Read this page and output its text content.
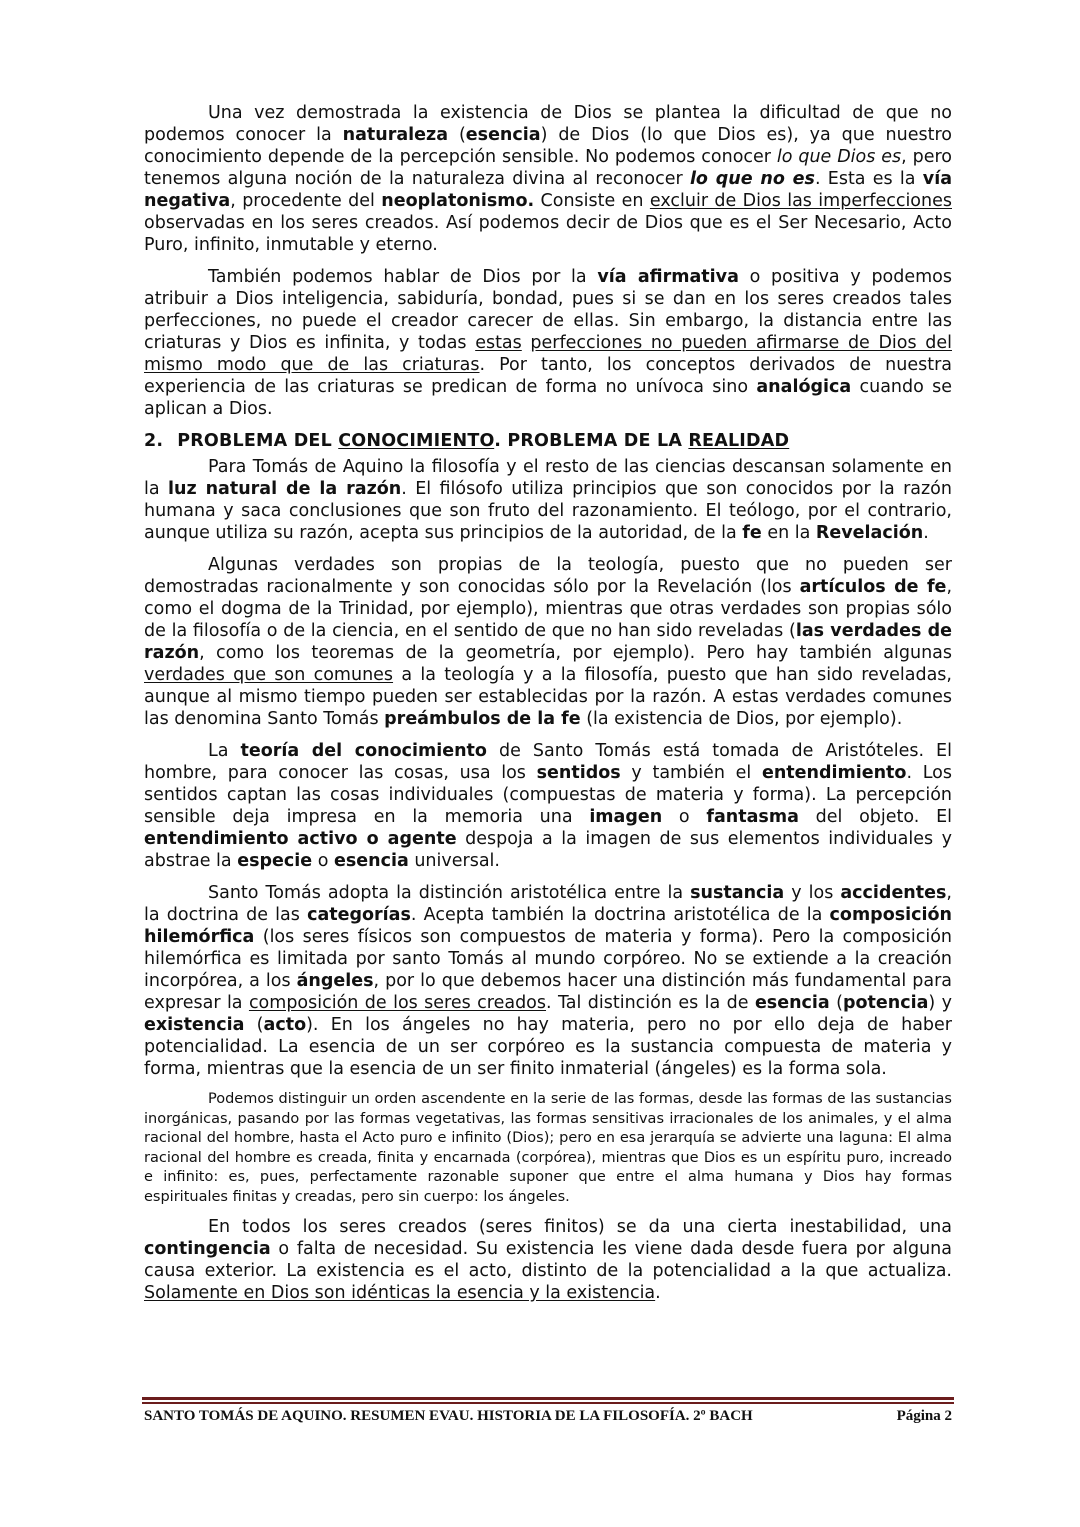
Una vez demostrada la existencia de Dios se plantea la dificultad de que no podemos conocer la naturaleza (esencia) de Dios (lo que Dios es), ya que nuestro conocimiento depende de la percepción sensible. No podemos conocer lo que Dios es, pero tenemos alguna noción de la naturaleza divina al reconocer lo que no es. Esta es la vía negativa, procedente del neoplatonismo. Consiste en excluir de Dios las imperfecciones observadas en los seres creados. Así podemos decir de Dios que es el Ser Necesario, Acto Puro, infinito, inmutable y eterno.

También podemos hablar de Dios por la vía afirmativa o positiva y podemos atribuir a Dios inteligencia, sabiduría, bondad, pues si se dan en los seres creados tales perfecciones, no puede el creador carecer de ellas. Sin embargo, la distancia entre las criaturas y Dios es infinita, y todas estas perfecciones no pueden afirmarse de Dios del mismo modo que de las criaturas. Por tanto, los conceptos derivados de nuestra experiencia de las criaturas se predican de forma no unívoca sino analógica cuando se aplican a Dios.

2. PROBLEMA DEL CONOCIMIENTO. PROBLEMA DE LA REALIDAD

Para Tomás de Aquino la filosofía y el resto de las ciencias descansan solamente en la luz natural de la razón. El filósofo utiliza principios que son conocidos por la razón humana y saca conclusiones que son fruto del razonamiento. El teólogo, por el contrario, aunque utiliza su razón, acepta sus principios de la autoridad, de la fe en la Revelación.

Algunas verdades son propias de la teología, puesto que no pueden ser demostradas racionalmente y son conocidas sólo por la Revelación (los artículos de fe, como el dogma de la Trinidad, por ejemplo), mientras que otras verdades son propias sólo de la filosofía o de la ciencia, en el sentido de que no han sido reveladas (las verdades de razón, como los teoremas de la geometría, por ejemplo). Pero hay también algunas verdades que son comunes a la teología y a la filosofía, puesto que han sido reveladas, aunque al mismo tiempo pueden ser establecidas por la razón. A estas verdades comunes las denomina Santo Tomás preámbulos de la fe (la existencia de Dios, por ejemplo).

La teoría del conocimiento de Santo Tomás está tomada de Aristóteles. El hombre, para conocer las cosas, usa los sentidos y también el entendimiento. Los sentidos captan las cosas individuales (compuestas de materia y forma). La percepción sensible deja impresa en la memoria una imagen o fantasma del objeto. El entendimiento activo o agente despoja a la imagen de sus elementos individuales y abstrae la especie o esencia universal.

Santo Tomás adopta la distinción aristotélica entre la sustancia y los accidentes, la doctrina de las categorías. Acepta también la doctrina aristotélica de la composición hilemórfica (los seres físicos son compuestos de materia y forma). Pero la composición hilemórfica es limitada por santo Tomás al mundo corpóreo. No se extiende a la creación incorpórea, a los ángeles, por lo que debemos hacer una distinción más fundamental para expresar la composición de los seres creados. Tal distinción es la de esencia (potencia) y existencia (acto). En los ángeles no hay materia, pero no por ello deja de haber potencialidad. La esencia de un ser corpóreo es la sustancia compuesta de materia y forma, mientras que la esencia de un ser finito inmaterial (ángeles) es la forma sola.

Podemos distinguir un orden ascendente en la serie de las formas, desde las formas de las sustancias inorgánicas, pasando por las formas vegetativas, las formas sensitivas irracionales de los animales, y el alma racional del hombre, hasta el Acto puro e infinito (Dios); pero en esa jerarquía se advierte una laguna: El alma racional del hombre es creada, finita y encarnada (corpórea), mientras que Dios es un espíritu puro, increado e infinito: es, pues, perfectamente razonable suponer que entre el alma humana y Dios hay formas espirituales finitas y creadas, pero sin cuerpo: los ángeles.

En todos los seres creados (seres finitos) se da una cierta inestabilidad, una contingencia o falta de necesidad. Su existencia les viene dada desde fuera por alguna causa exterior. La existencia es el acto, distinto de la potencialidad a la que actualiza. Solamente en Dios son idénticas la esencia y la existencia.

SANTO TOMÁS DE AQUINO. RESUMEN EVAU. HISTORIA DE LA FILOSOFÍA. 2º BACH	Página 2
